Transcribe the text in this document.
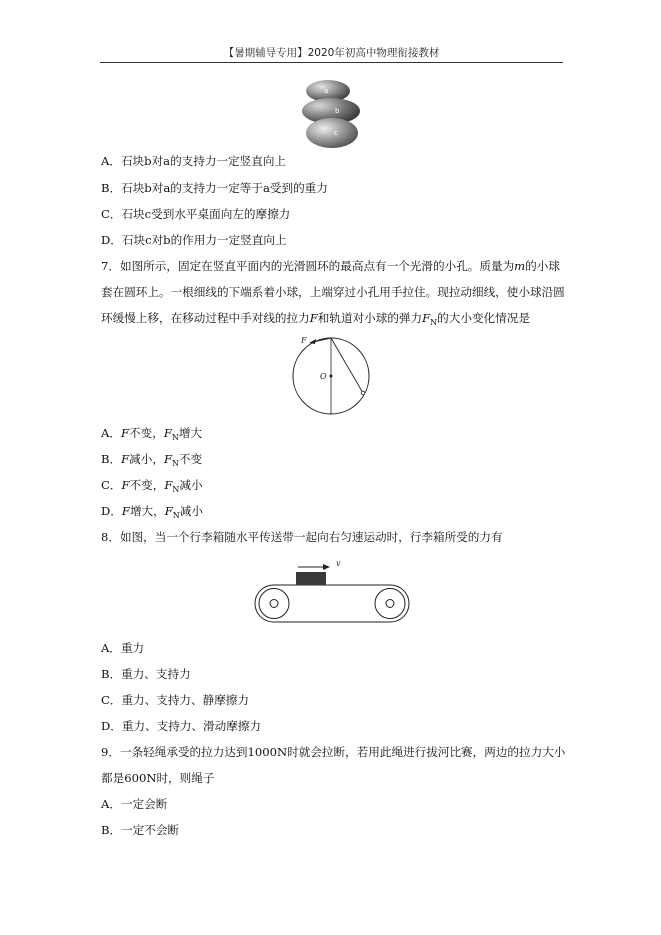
【暑期辅导专用】2020年初高中物理衔接教材
a
b
c
A．石块b对a的支持力一定竖直向上
B．石块b对a的支持力一定等于a受到的重力
C．石块c受到水平桌面向左的摩擦力
D．石块c对b的作用力一定竖直向上
7．如图所示，固定在竖直平面内的光滑圆环的最高点有一个光滑的小孔。质量为m的小球
套在圆环上。一根细线的下端系着小球，上端穿过小孔用手拉住。现拉动细线，使小球沿圆
环缓慢上移，在移动过程中手对线的拉力F和轨道对小球的弹力$F_N$的大小变化情况是
F
O
A．F不变，$F_N$增大
B．F减小，$F_N$不变
C．F不变，$F_N$减小
D．F增大，$F_N$减小
8．如图，当一个行李箱随水平传送带一起向右匀速运动时，行李箱所受的力有
v
A．重力
B．重力、支持力
C．重力、支持力、静摩擦力
D．重力、支持力、滑动摩擦力
9．一条轻绳承受的拉力达到1000N时就会拉断，若用此绳进行拔河比赛，两边的拉力大小
都是600N时，则绳子
A．一定会断
B．一定不会断
